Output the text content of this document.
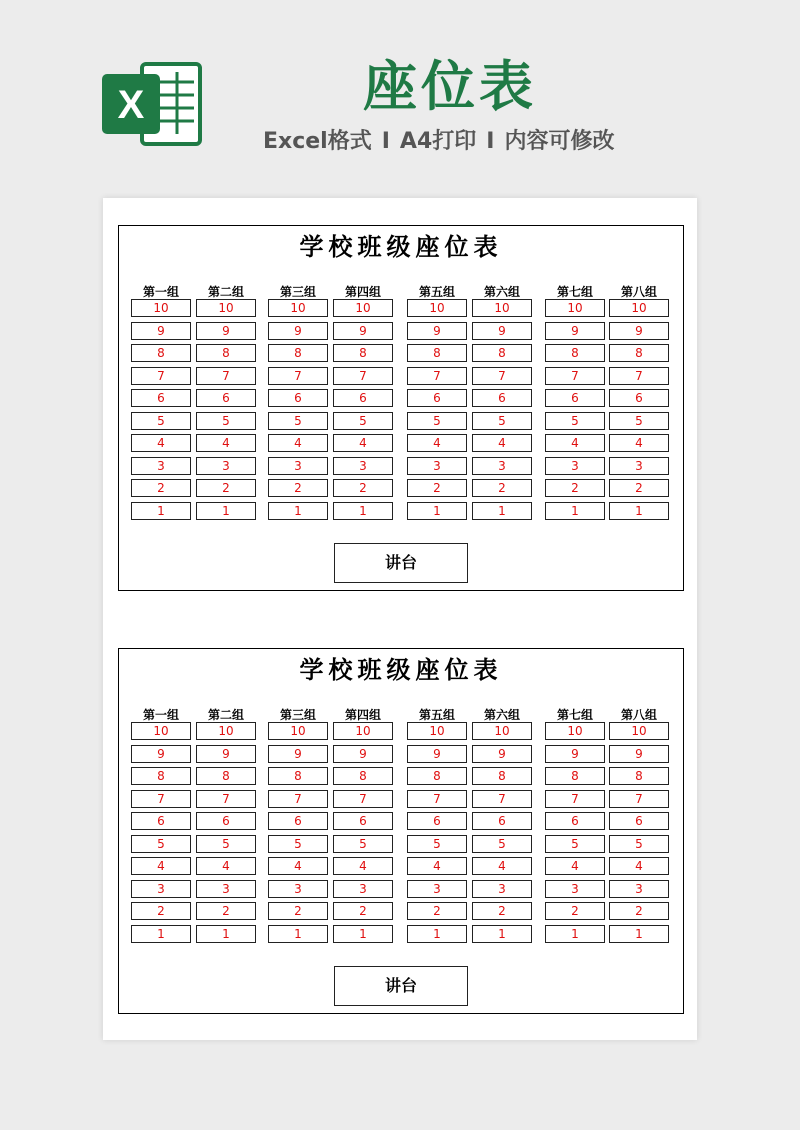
X	座位表
Excel格式 I A4打印 I 内容可修改
学校班级座位表
讲台
第一组
10
9
8
7
6
5
4
3
2
1
第二组
10
9
8
7
6
5
4
3
2
1
第三组
10
9
8
7
6
5
4
3
2
1
第四组
10
9
8
7
6
5
4
3
2
1
第五组
10
9
8
7
6
5
4
3
2
1
第六组
10
9
8
7
6
5
4
3
2
1
第七组
10
9
8
7
6
5
4
3
2
1
第八组
10
9
8
7
6
5
4
3
2
1
学校班级座位表
讲台
第一组
10
9
8
7
6
5
4
3
2
1
第二组
10
9
8
7
6
5
4
3
2
1
第三组
10
9
8
7
6
5
4
3
2
1
第四组
10
9
8
7
6
5
4
3
2
1
第五组
10
9
8
7
6
5
4
3
2
1
第六组
10
9
8
7
6
5
4
3
2
1
第七组
10
9
8
7
6
5
4
3
2
1
第八组
10
9
8
7
6
5
4
3
2
1
